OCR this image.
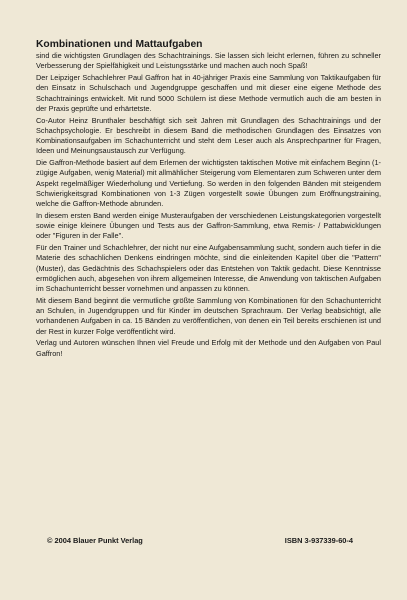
Kombinationen und Mattaufgaben

sind die wichtigsten Grundlagen des Schachtrainings. Sie lassen sich leicht erlernen, führen zu schneller Verbesserung der Spielfähigkeit und Leistungsstärke und machen auch noch Spaß!

Der Leipziger Schachlehrer Paul Gaffron hat in 40-jähriger Praxis eine Sammlung von Taktikaufgaben für den Einsatz in Schulschach und Jugendgruppe geschaffen und mit dieser eine eigene Methode des Schachtrainings entwickelt. Mit rund 5000 Schülern ist diese Methode vermutlich auch die am besten in der Praxis geprüfte und erhärtetste.

Co-Autor Heinz Brunthaler beschäftigt sich seit Jahren mit Grundlagen des Schachtrainings und der Schachpsychologie. Er beschreibt in diesem Band die methodischen Grundlagen des Einsatzes von Kombinationsaufgaben im Schachunterricht und steht dem Leser auch als Ansprechpartner für Fragen, Ideen und Meinungsaustausch zur Verfügung.

Die Gaffron-Methode basiert auf dem Erlernen der wichtigsten taktischen Motive mit einfachem Beginn (1-zügige Aufgaben, wenig Material) mit allmählicher Steigerung vom Elementaren zum Schweren unter dem Aspekt regelmäßiger Wiederholung und Vertiefung. So werden in den folgenden Bänden mit steigendem Schwierigkeitsgrad Kombinationen von 1-3 Zügen vorgestellt sowie Übungen zum Eröffnungstraining, welche die Gaffron-Methode abrunden.

In diesem ersten Band werden einige Musteraufgaben der verschiedenen Leistungskategorien vorgestellt sowie einige kleinere Übungen und Tests aus der Gaffron-Sammlung, etwa Remis- / Pattabwicklungen oder "Figuren in der Falle".

Für den Trainer und Schachlehrer, der nicht nur eine Aufgabensammlung sucht, sondern auch tiefer in die Materie des schachlichen Denkens eindringen möchte, sind die einleitenden Kapitel über die "Pattern" (Muster), das Gedächtnis des Schachspielers oder das Entstehen von Taktik gedacht. Diese Kenntnisse ermöglichen auch, abgesehen von ihrem allgemeinen Interesse, die Anwendung von taktischen Aufgaben im Schachunterricht besser vornehmen und anpassen zu können.

Mit diesem Band beginnt die vermutliche größte Sammlung von Kombinationen für den Schachunterricht an Schulen, in Jugendgruppen und für Kinder im deutschen Sprachraum. Der Verlag beabsichtigt, alle vorhandenen Aufgaben in ca. 15 Bänden zu veröffentlichen, von denen ein Teil bereits erschienen ist und der Rest in kurzer Folge veröffentlicht wird.

Verlag und Autoren wünschen Ihnen viel Freude und Erfolg mit der Methode und den Aufgaben von Paul Gaffron!

© 2004 Blauer Punkt Verlag	ISBN 3-937339-60-4
